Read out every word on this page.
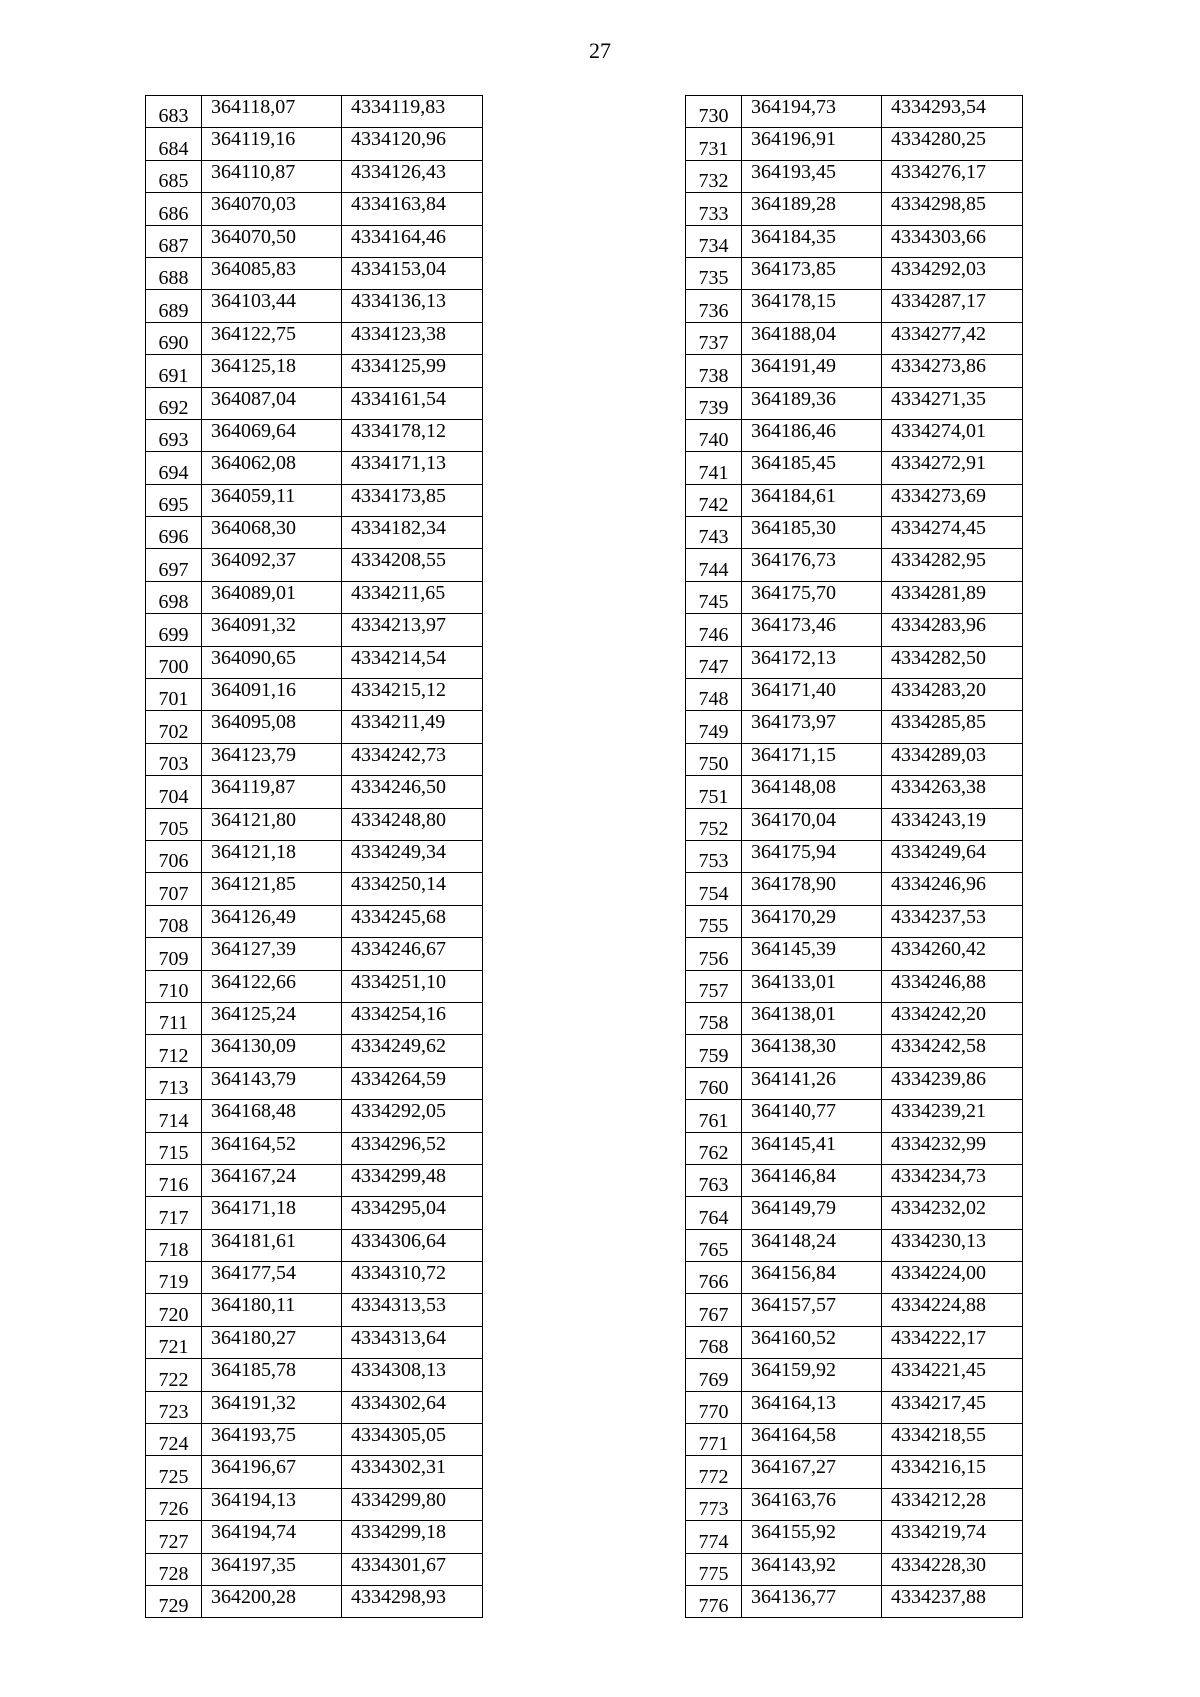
27
683	364118,07	4334119,83
684	364119,16	4334120,96
685	364110,87	4334126,43
686	364070,03	4334163,84
687	364070,50	4334164,46
688	364085,83	4334153,04
689	364103,44	4334136,13
690	364122,75	4334123,38
691	364125,18	4334125,99
692	364087,04	4334161,54
693	364069,64	4334178,12
694	364062,08	4334171,13
695	364059,11	4334173,85
696	364068,30	4334182,34
697	364092,37	4334208,55
698	364089,01	4334211,65
699	364091,32	4334213,97
700	364090,65	4334214,54
701	364091,16	4334215,12
702	364095,08	4334211,49
703	364123,79	4334242,73
704	364119,87	4334246,50
705	364121,80	4334248,80
706	364121,18	4334249,34
707	364121,85	4334250,14
708	364126,49	4334245,68
709	364127,39	4334246,67
710	364122,66	4334251,10
711	364125,24	4334254,16
712	364130,09	4334249,62
713	364143,79	4334264,59
714	364168,48	4334292,05
715	364164,52	4334296,52
716	364167,24	4334299,48
717	364171,18	4334295,04
718	364181,61	4334306,64
719	364177,54	4334310,72
720	364180,11	4334313,53
721	364180,27	4334313,64
722	364185,78	4334308,13
723	364191,32	4334302,64
724	364193,75	4334305,05
725	364196,67	4334302,31
726	364194,13	4334299,80
727	364194,74	4334299,18
728	364197,35	4334301,67
729	364200,28	4334298,93
730	364194,73	4334293,54
731	364196,91	4334280,25
732	364193,45	4334276,17
733	364189,28	4334298,85
734	364184,35	4334303,66
735	364173,85	4334292,03
736	364178,15	4334287,17
737	364188,04	4334277,42
738	364191,49	4334273,86
739	364189,36	4334271,35
740	364186,46	4334274,01
741	364185,45	4334272,91
742	364184,61	4334273,69
743	364185,30	4334274,45
744	364176,73	4334282,95
745	364175,70	4334281,89
746	364173,46	4334283,96
747	364172,13	4334282,50
748	364171,40	4334283,20
749	364173,97	4334285,85
750	364171,15	4334289,03
751	364148,08	4334263,38
752	364170,04	4334243,19
753	364175,94	4334249,64
754	364178,90	4334246,96
755	364170,29	4334237,53
756	364145,39	4334260,42
757	364133,01	4334246,88
758	364138,01	4334242,20
759	364138,30	4334242,58
760	364141,26	4334239,86
761	364140,77	4334239,21
762	364145,41	4334232,99
763	364146,84	4334234,73
764	364149,79	4334232,02
765	364148,24	4334230,13
766	364156,84	4334224,00
767	364157,57	4334224,88
768	364160,52	4334222,17
769	364159,92	4334221,45
770	364164,13	4334217,45
771	364164,58	4334218,55
772	364167,27	4334216,15
773	364163,76	4334212,28
774	364155,92	4334219,74
775	364143,92	4334228,30
776	364136,77	4334237,88
